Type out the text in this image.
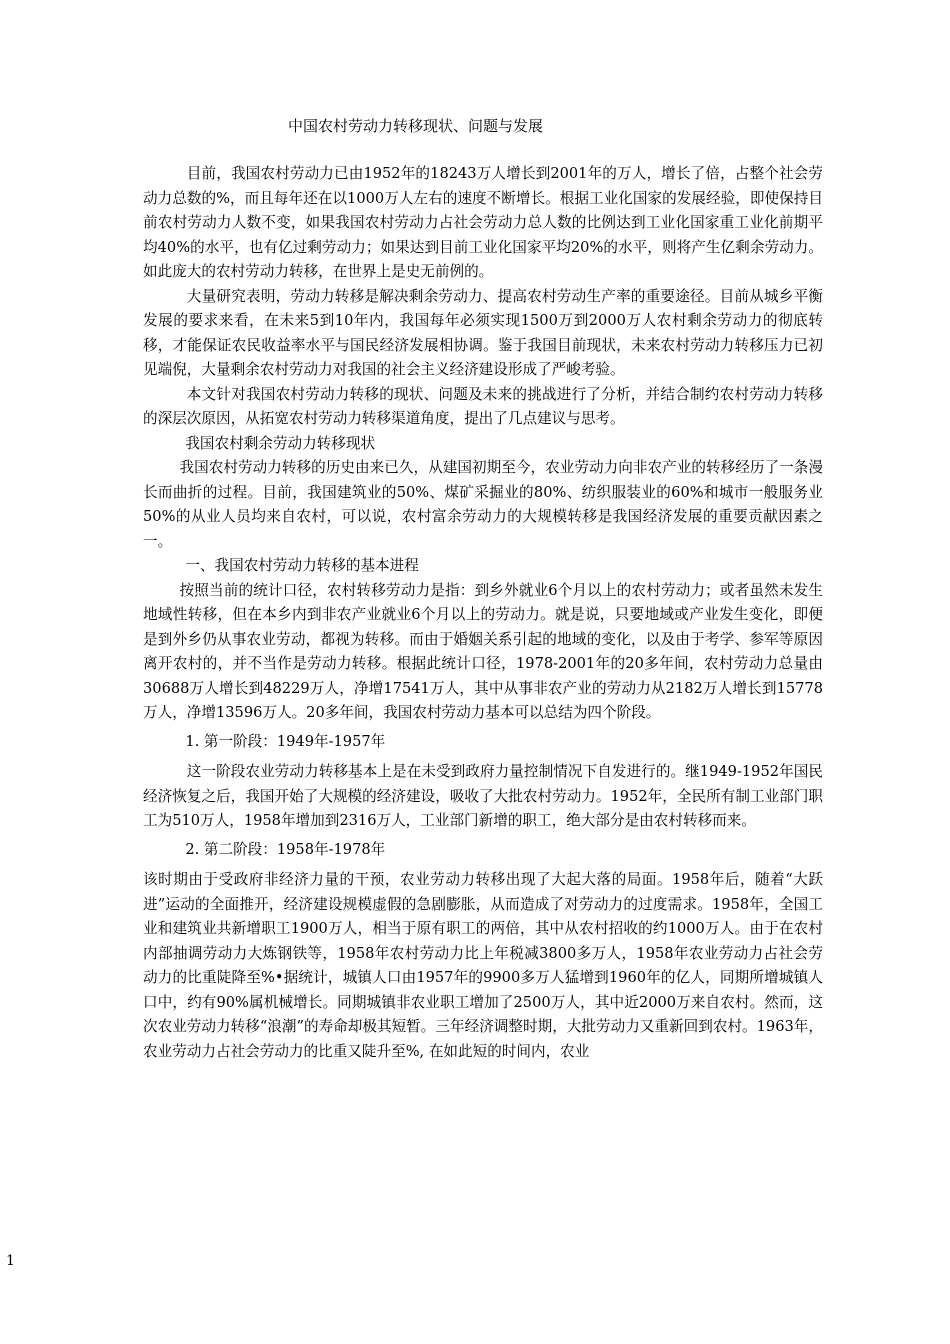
中国农村劳动力转移现状、问题与发展

目前，我国农村劳动力已由1952年的18243万人增长到2001年的万人，增长了倍，占整个社会劳动力总数的%，而且每年还在以1000万人左右的速度不断增长。根据工业化国家的发展经验，即使保持目前农村劳动力人数不变，如果我国农村劳动力占社会劳动力总人数的比例达到工业化国家重工业化前期平均40%的水平，也有亿过剩劳动力；如果达到目前工业化国家平均20%的水平，则将产生亿剩余劳动力。如此庞大的农村劳动力转移，在世界上是史无前例的。

大量研究表明，劳动力转移是解决剩余劳动力、提高农村劳动生产率的重要途径。目前从城乡平衡发展的要求来看，在未来5到10年内，我国每年必须实现1500万到2000万人农村剩余劳动力的彻底转移，才能保证农民收益率水平与国民经济发展相协调。鉴于我国目前现状，未来农村劳动力转移压力已初见端倪，大量剩余农村劳动力对我国的社会主义经济建设形成了严峻考验。

本文针对我国农村劳动力转移的现状、问题及未来的挑战进行了分析，并结合制约农村劳动力转移的深层次原因，从拓宽农村劳动力转移渠道角度，提出了几点建议与思考。

我国农村剩余劳动力转移现状

我国农村劳动力转移的历史由来已久，从建国初期至今，农业劳动力向非农产业的转移经历了一条漫长而曲折的过程。目前，我国建筑业的50%、煤矿采掘业的80%、纺织服装业的60%和城市一般服务业50%的从业人员均来自农村，可以说，农村富余劳动力的大规模转移是我国经济发展的重要贡献因素之一。

一、我国农村劳动力转移的基本进程

按照当前的统计口径，农村转移劳动力是指：到乡外就业6个月以上的农村劳动力；或者虽然未发生地域性转移，但在本乡内到非农产业就业6个月以上的劳动力。就是说，只要地域或产业发生变化，即便是到外乡仍从事农业劳动，都视为转移。而由于婚姻关系引起的地域的变化，以及由于考学、参军等原因离开农村的，并不当作是劳动力转移。根据此统计口径，1978-2001年的20多年间，农村劳动力总量由30688万人增长到48229万人，净增17541万人，其中从事非农产业的劳动力从2182万人增长到15778万人，净增13596万人。20多年间，我国农村劳动力基本可以总结为四个阶段。

1. 第一阶段：1949年-1957年

这一阶段农业劳动力转移基本上是在未受到政府力量控制情况下自发进行的。继1949-1952年国民经济恢复之后，我国开始了大规模的经济建设，吸收了大批农村劳动力。1952年，全民所有制工业部门职工为510万人，1958年增加到2316万人，工业部门新增的职工，绝大部分是由农村转移而来。

2. 第二阶段：1958年-1978年

该时期由于受政府非经济力量的干预，农业劳动力转移出现了大起大落的局面。1958年后，随着“大跃进”运动的全面推开，经济建设规模虚假的急剧膨胀，从而造成了对劳动力的过度需求。1958年，全国工业和建筑业共新增职工1900万人，相当于原有职工的两倍，其中从农村招收的约1000万人。由于在农村内部抽调劳动力大炼钢铁等，1958年农村劳动力比上年税减3800多万人，1958年农业劳动力占社会劳动力的比重陡降至%•据统计，城镇人口由1957年的9900多万人猛增到1960年的亿人，同期所增城镇人口中，约有90%属机械增长。同期城镇非农业职工增加了2500万人，其中近2000万来自农村。然而，这次农业劳动力转移“浪潮”的寿命却极其短暂。三年经济调整时期，大批劳动力又重新回到农村。1963年，农业劳动力占社会劳动力的比重又陡升至%, 在如此短的时间内，农业

1
